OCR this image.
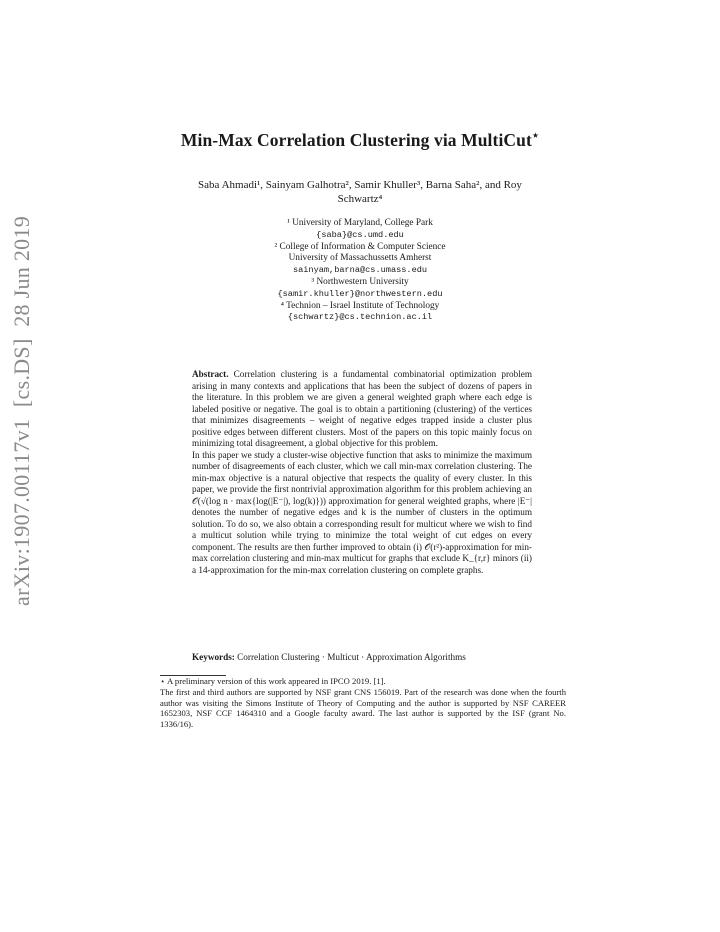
arXiv:1907.00117v1  [cs.DS]  28 Jun 2019
Min-Max Correlation Clustering via MultiCut⋆
Saba Ahmadi¹, Sainyam Galhotra², Samir Khuller³, Barna Saha², and Roy
Schwartz⁴
¹ University of Maryland, College Park
{saba}@cs.umd.edu
² College of Information & Computer Science
University of Massachussetts Amherst
sainyam,barna@cs.umass.edu
³ Northwestern University
{samir.khuller}@northwestern.edu
⁴ Technion – Israel Institute of Technology
{schwartz}@cs.technion.ac.il

Abstract. Correlation clustering is a fundamental combinatorial optimization problem arising in many contexts and applications that has been the subject of dozens of papers in the literature. In this problem we are given a general weighted graph where each edge is labeled positive or negative. The goal is to obtain a partitioning (clustering) of the vertices that minimizes disagreements – weight of negative edges trapped inside a cluster plus positive edges between different clusters. Most of the papers on this topic mainly focus on minimizing total disagreement, a global objective for this problem.

In this paper we study a cluster-wise objective function that asks to minimize the maximum number of disagreements of each cluster, which we call min-max correlation clustering. The min-max objective is a natural objective that respects the quality of every cluster. In this paper, we provide the first nontrivial approximation algorithm for this problem achieving an 𝒪(√(log n · max{log(|E⁻|), log(k)})) approximation for general weighted graphs, where |E⁻| denotes the number of negative edges and k is the number of clusters in the optimum solution. To do so, we also obtain a corresponding result for multicut where we wish to find a multicut solution while trying to minimize the total weight of cut edges on every component. The results are then further improved to obtain (i) 𝒪(r²)-approximation for min-max correlation clustering and min-max multicut for graphs that exclude K_{r,r} minors (ii) a 14-approximation for the min-max correlation clustering on complete graphs.

Keywords: Correlation Clustering · Multicut · Approximation Algorithms

⋆ A preliminary version of this work appeared in IPCO 2019. [1].

The first and third authors are supported by NSF grant CNS 156019. Part of the research was done when the fourth author was visiting the Simons Institute of Theory of Computing and the author is supported by NSF CAREER 1652303, NSF CCF 1464310 and a Google faculty award. The last author is supported by the ISF (grant No. 1336/16).
